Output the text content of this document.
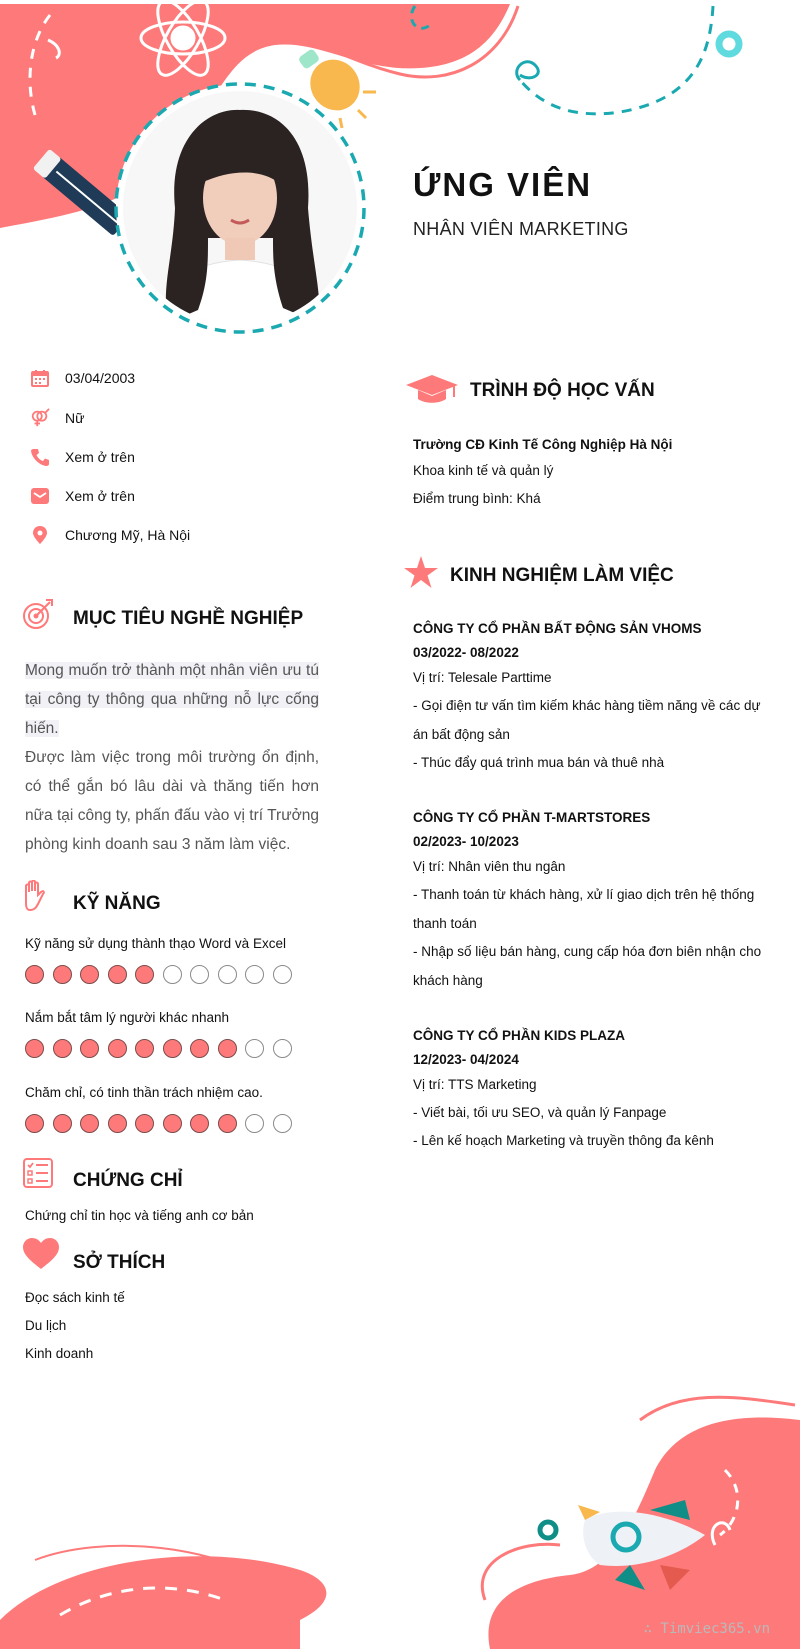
ỨNG VIÊN
NHÂN VIÊN MARKETING
03/04/2003
Nữ
Xem ở trên
Xem ở trên
Chương Mỹ, Hà Nội
MỤC TIÊU NGHỀ NGHIỆP
Mong muốn trở thành một nhân viên ưu tú tại công ty thông qua những nỗ lực cống hiến.
Được làm việc trong môi trường ổn định, có thể gắn bó lâu dài và thăng tiến hơn nữa tại công ty, phấn đấu vào vị trí Trưởng phòng kinh doanh sau 3 năm làm việc.
KỸ NĂNG
Kỹ năng sử dụng thành thạo Word và Excel
Nắm bắt tâm lý người khác nhanh
Chăm chỉ, có tinh thần trách nhiệm cao.
CHỨNG CHỈ
Chứng chỉ tin học và tiếng anh cơ bản
SỞ THÍCH
Đọc sách kinh tế
Du lịch
Kinh doanh
TRÌNH ĐỘ HỌC VẤN
Trường CĐ Kinh Tế Công Nghiệp Hà Nội
Khoa kinh tế và quản lý
Điểm trung bình: Khá
KINH NGHIỆM LÀM VIỆC
CÔNG TY CỔ PHẦN BẤT ĐỘNG SẢN VHOMS
03/2022- 08/2022
Vị trí: Telesale Parttime
- Gọi điện tư vấn tìm kiếm khác hàng tiềm năng về các dự án bất động sản
- Thúc đẩy quá trình mua bán và thuê nhà
CÔNG TY CỔ PHẦN T-MARTSTORES
02/2023- 10/2023
Vị trí: Nhân viên thu ngân
- Thanh toán từ khách hàng, xử lí giao dịch trên hệ thống thanh toán
- Nhập số liệu bán hàng, cung cấp hóa đơn biên nhận cho khách hàng
CÔNG TY CỔ PHẦN KIDS PLAZA
12/2023- 04/2024
Vị trí: TTS Marketing
- Viết bài, tối ưu SEO, và quản lý Fanpage
- Lên kế hoạch Marketing và truyền thông đa kênh
∴ Timviec365.vn
